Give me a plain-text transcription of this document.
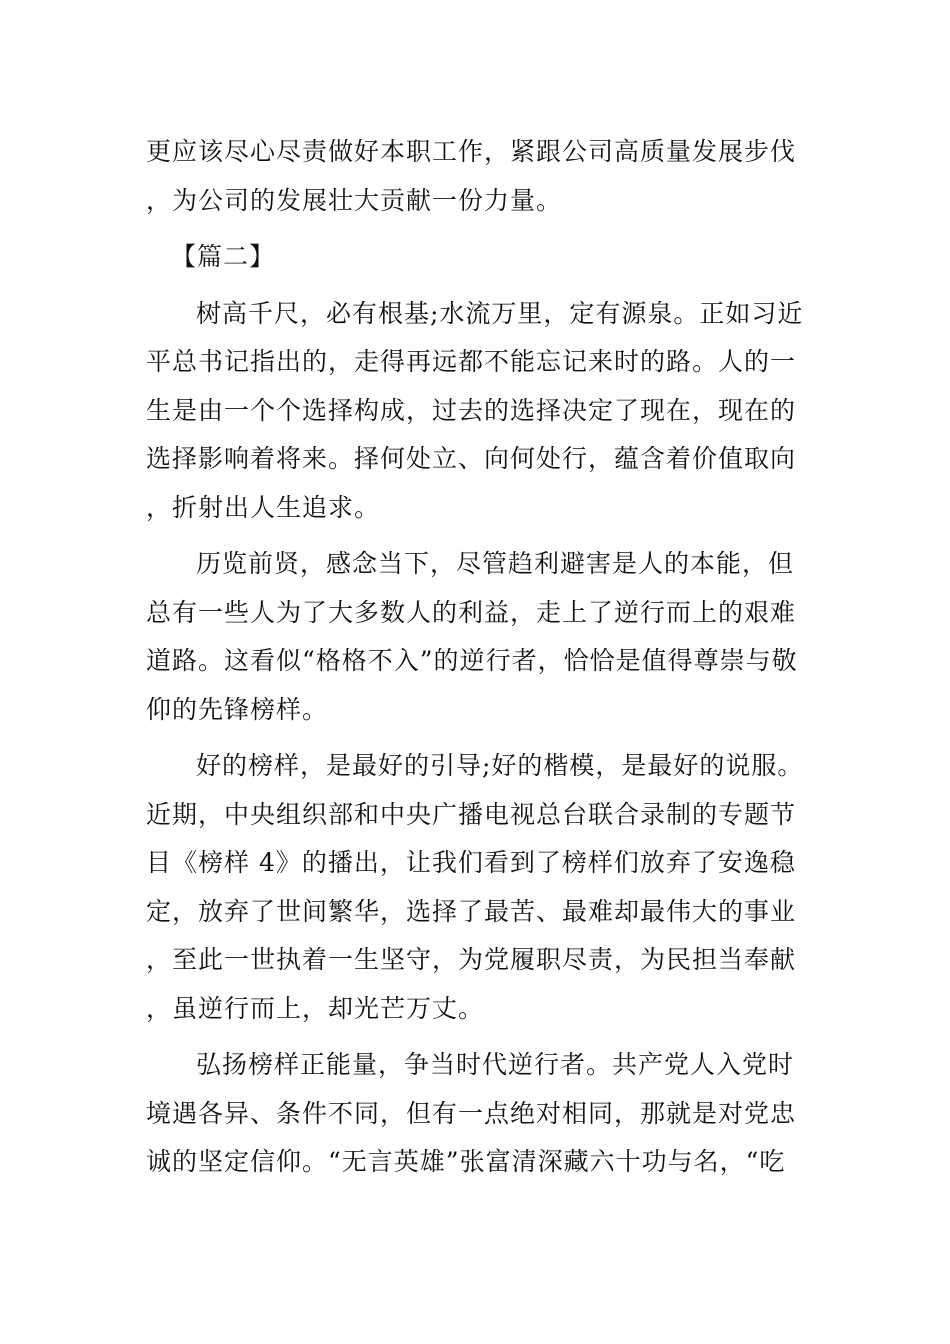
更应该尽心尽责做好本职工作，紧跟公司高质量发展步伐，为公司的发展壮大贡献一份力量。

【篇二】

树高千尺，必有根基;水流万里，定有源泉。正如习近平总书记指出的，走得再远都不能忘记来时的路。人的一生是由一个个选择构成，过去的选择决定了现在，现在的选择影响着将来。择何处立、向何处行，蕴含着价值取向，折射出人生追求。

历览前贤，感念当下，尽管趋利避害是人的本能，但总有一些人为了大多数人的利益，走上了逆行而上的艰难道路。这看似“格格不入”的逆行者，恰恰是值得尊崇与敬仰的先锋榜样。

好的榜样，是最好的引导;好的楷模，是最好的说服。近期，中央组织部和中央广播电视总台联合录制的专题节目《榜样 4》的播出，让我们看到了榜样们放弃了安逸稳定，放弃了世间繁华，选择了最苦、最难却最伟大的事业，至此一世执着一生坚守，为党履职尽责，为民担当奉献，虽逆行而上，却光芒万丈。

弘扬榜样正能量，争当时代逆行者。共产党人入党时境遇各异、条件不同，但有一点绝对相同，那就是对党忠诚的坚定信仰。“无言英雄”张富清深藏六十功与名，“吃
